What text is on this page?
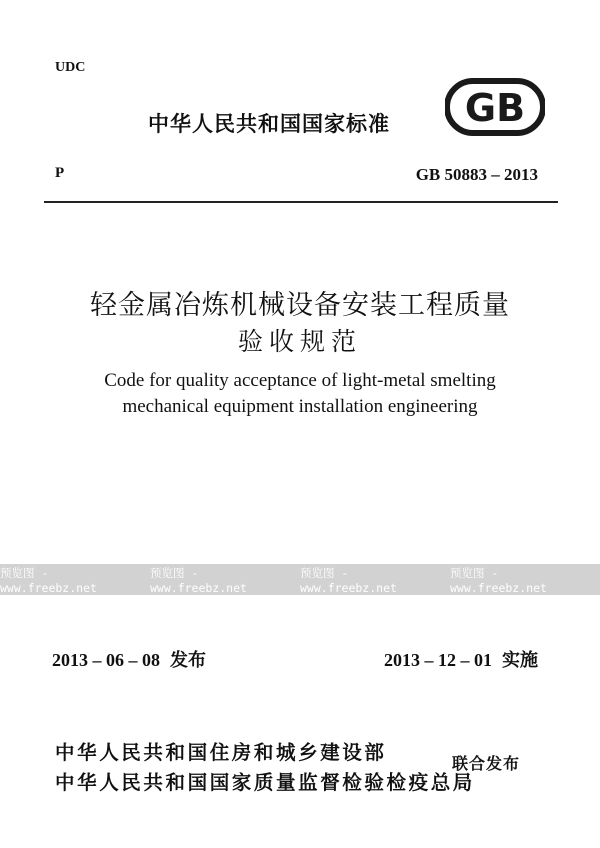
UDC
中华人民共和国国家标准 GB
P	GB 50883 – 2013
轻金属冶炼机械设备安装工程质量
验收规范
Code for quality acceptance of light-metal smelting
mechanical equipment installation engineering
预览图 - www.freebz.net
预览图 - www.freebz.net
预览图 - www.freebz.net
预览图 - www.freebz.net
2013 – 06 – 08 发布	2013 – 12 – 01 实施
中华人民共和国住房和城乡建设部
中华人民共和国国家质量监督检验检疫总局
联合发布
